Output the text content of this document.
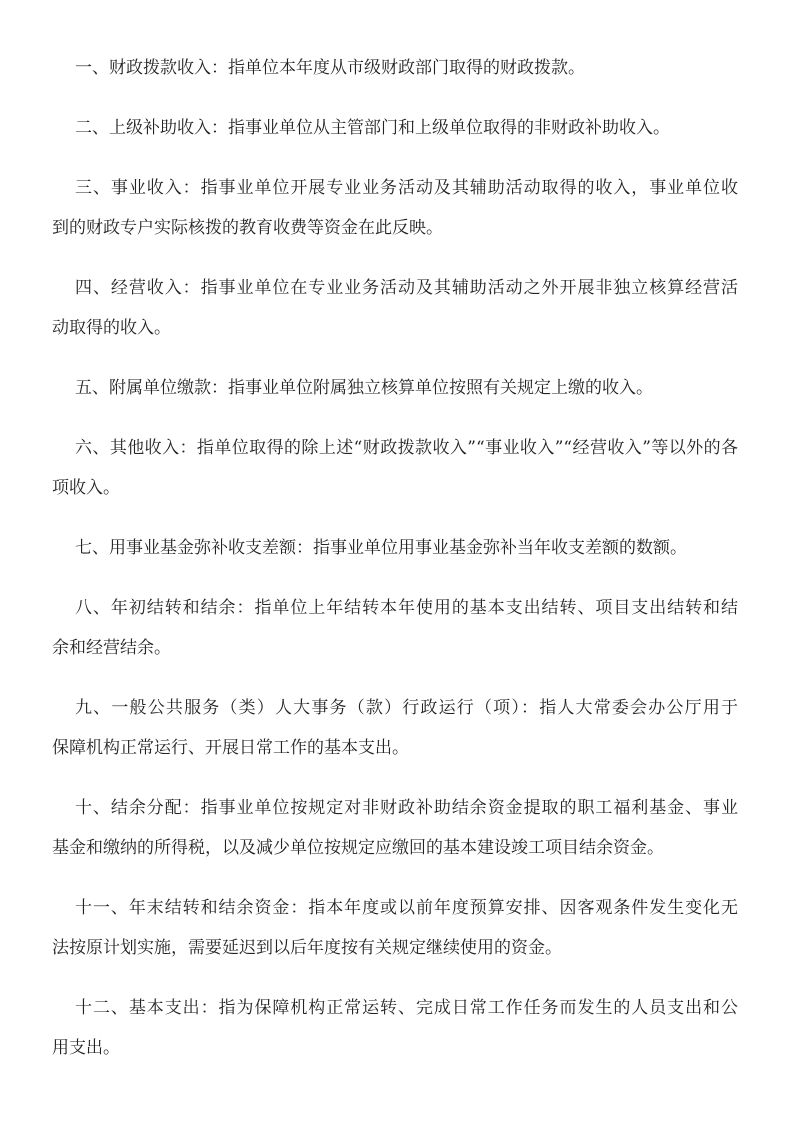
一、财政拨款收入：指单位本年度从市级财政部门取得的财政拨款。
二、上级补助收入：指事业单位从主管部门和上级单位取得的非财政补助收入。
三、事业收入：指事业单位开展专业业务活动及其辅助活动取得的收入，事业单位收
到的财政专户实际核拨的教育收费等资金在此反映。
四、经营收入：指事业单位在专业业务活动及其辅助活动之外开展非独立核算经营活
动取得的收入。
五、附属单位缴款：指事业单位附属独立核算单位按照有关规定上缴的收入。
六、其他收入：指单位取得的除上述“财政拨款收入”“事业收入”“经营收入”等以外的各
项收入。
七、用事业基金弥补收支差额：指事业单位用事业基金弥补当年收支差额的数额。
八、年初结转和结余：指单位上年结转本年使用的基本支出结转、项目支出结转和结
余和经营结余。
九、一般公共服务（类）人大事务（款）行政运行（项）：指人大常委会办公厅用于
保障机构正常运行、开展日常工作的基本支出。
十、结余分配：指事业单位按规定对非财政补助结余资金提取的职工福利基金、事业
基金和缴纳的所得税，以及减少单位按规定应缴回的基本建设竣工项目结余资金。
十一、年末结转和结余资金：指本年度或以前年度预算安排、因客观条件发生变化无
法按原计划实施，需要延迟到以后年度按有关规定继续使用的资金。
十二、基本支出：指为保障机构正常运转、完成日常工作任务而发生的人员支出和公
用支出。
